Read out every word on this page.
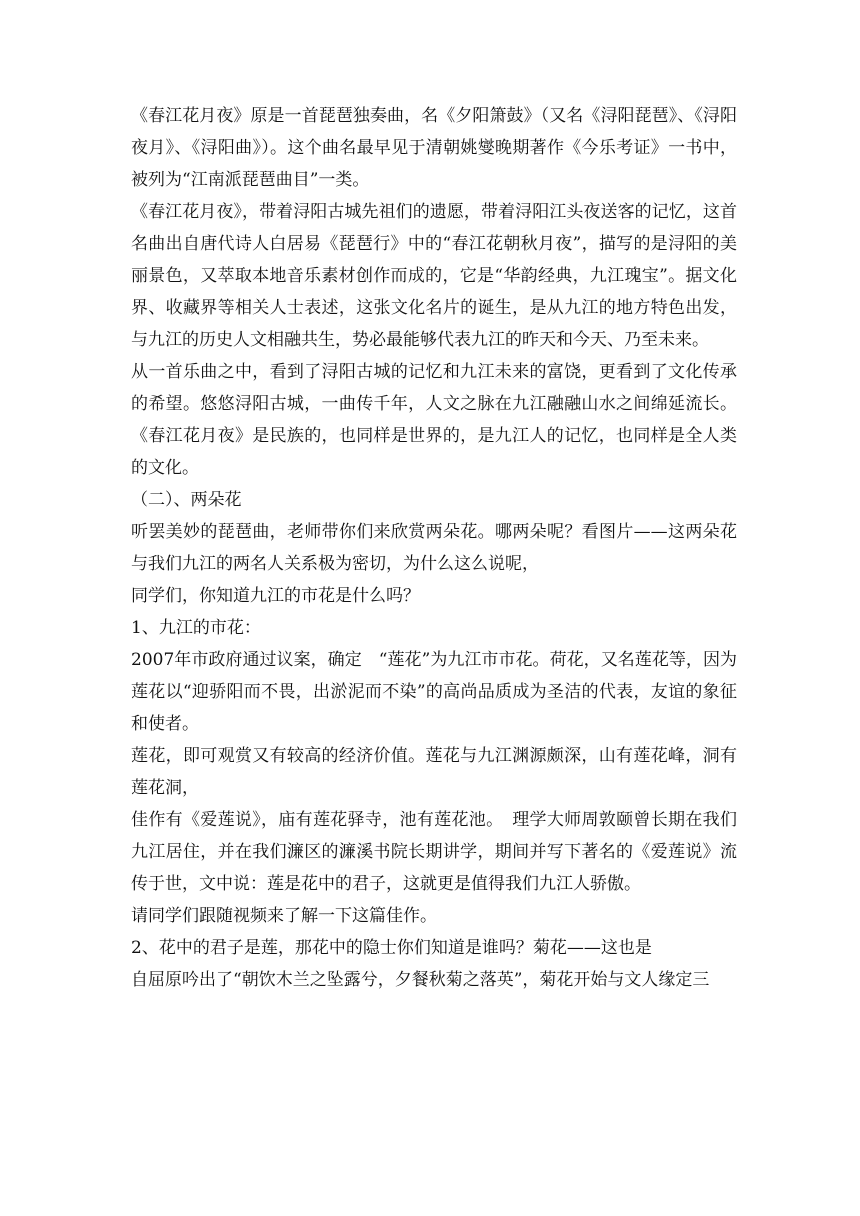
《春江花月夜》原是一首琵琶独奏曲，名《夕阳箫鼓》（又名《浔阳琵琶》、《浔阳夜月》、《浔阳曲》）。这个曲名最早见于清朝姚燮晚期著作《今乐考证》一书中，被列为“江南派琵琶曲目”一类。

《春江花月夜》，带着浔阳古城先祖们的遗愿，带着浔阳江头夜送客的记忆，这首名曲出自唐代诗人白居易《琵琶行》中的“春江花朝秋月夜”，描写的是浔阳的美丽景色，又萃取本地音乐素材创作而成的，它是“华韵经典，九江瑰宝”。据文化界、收藏界等相关人士表述，这张文化名片的诞生，是从九江的地方特色出发，与九江的历史人文相融共生，势必最能够代表九江的昨天和今天、乃至未来。

从一首乐曲之中，看到了浔阳古城的记忆和九江未来的富饶，更看到了文化传承的希望。悠悠浔阳古城，一曲传千年，人文之脉在九江融融山水之间绵延流长。《春江花月夜》是民族的，也同样是世界的，是九江人的记忆，也同样是全人类的文化。

（二）、两朵花

听罢美妙的琵琶曲，老师带你们来欣赏两朵花。哪两朵呢？看图片——这两朵花与我们九江的两名人关系极为密切，为什么这么说呢，

同学们，你知道九江的市花是什么吗？

1、九江的市花：

2007年市政府通过议案，确定　“莲花”为九江市市花。荷花，又名莲花等，因为莲花以“迎骄阳而不畏，出淤泥而不染”的高尚品质成为圣洁的代表，友谊的象征和使者。

莲花，即可观赏又有较高的经济价值。莲花与九江渊源颇深，山有莲花峰，洞有莲花洞，

佳作有《爱莲说》，庙有莲花驿寺，池有莲花池。　理学大师周敦颐曾长期在我们九江居住，并在我们濂区的濂溪书院长期讲学，期间并写下著名的《爱莲说》流传于世，文中说：莲是花中的君子，这就更是值得我们九江人骄傲。

请同学们跟随视频来了解一下这篇佳作。

2、花中的君子是莲，那花中的隐士你们知道是谁吗？菊花——这也是

自屈原吟出了“朝饮木兰之坠露兮，夕餐秋菊之落英”，菊花开始与文人缘定三
